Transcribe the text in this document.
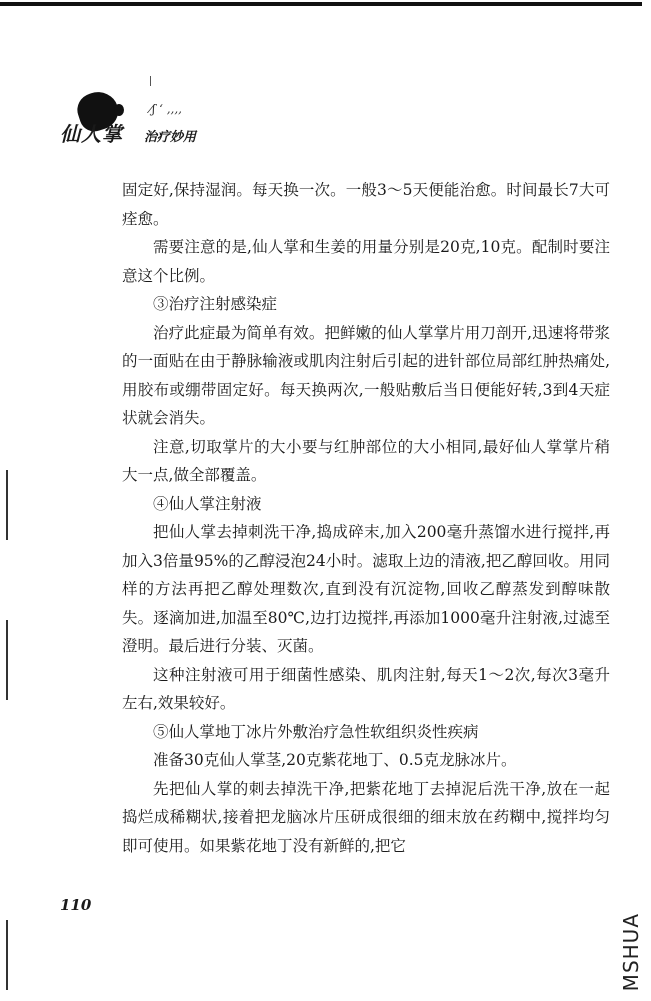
⁄ʃ ʻ ,,,,
仙人掌 治疗妙用

固定好,保持湿润。每天换一次。一般3～5天便能治愈。时间最长7大可痊愈。

需要注意的是,仙人掌和生姜的用量分别是20克,10克。配制时要注意这个比例。

③治疗注射感染症

治疗此症最为简单有效。把鲜嫩的仙人掌掌片用刀剖开,迅速将带浆的一面贴在由于静脉输液或肌肉注射后引起的进针部位局部红肿热痛处,用胶布或绷带固定好。每天换两次,一般贴敷后当日便能好转,3到4天症状就会消失。

注意,切取掌片的大小要与红肿部位的大小相同,最好仙人掌掌片稍大一点,做全部覆盖。

④仙人掌注射液

把仙人掌去掉刺洗干净,捣成碎末,加入200毫升蒸馏水进行搅拌,再加入3倍量95%的乙醇浸泡24小时。滤取上边的清液,把乙醇回收。用同样的方法再把乙醇处理数次,直到没有沉淀物,回收乙醇蒸发到醇味散失。逐滴加进,加温至80℃,边打边搅拌,再添加1000毫升注射液,过滤至澄明。最后进行分装、灭菌。

这种注射液可用于细菌性感染、肌肉注射,每天1～2次,每次3毫升左右,效果较好。

⑤仙人掌地丁冰片外敷治疗急性软组织炎性疾病

准备30克仙人掌茎,20克紫花地丁、0.5克龙脉冰片。

先把仙人掌的刺去掉洗干净,把紫花地丁去掉泥后洗干净,放在一起捣烂成稀糊状,接着把龙脑冰片压研成很细的细末放在药糊中,搅拌均匀即可使用。如果紫花地丁没有新鲜的,把它

110
MSHUA
